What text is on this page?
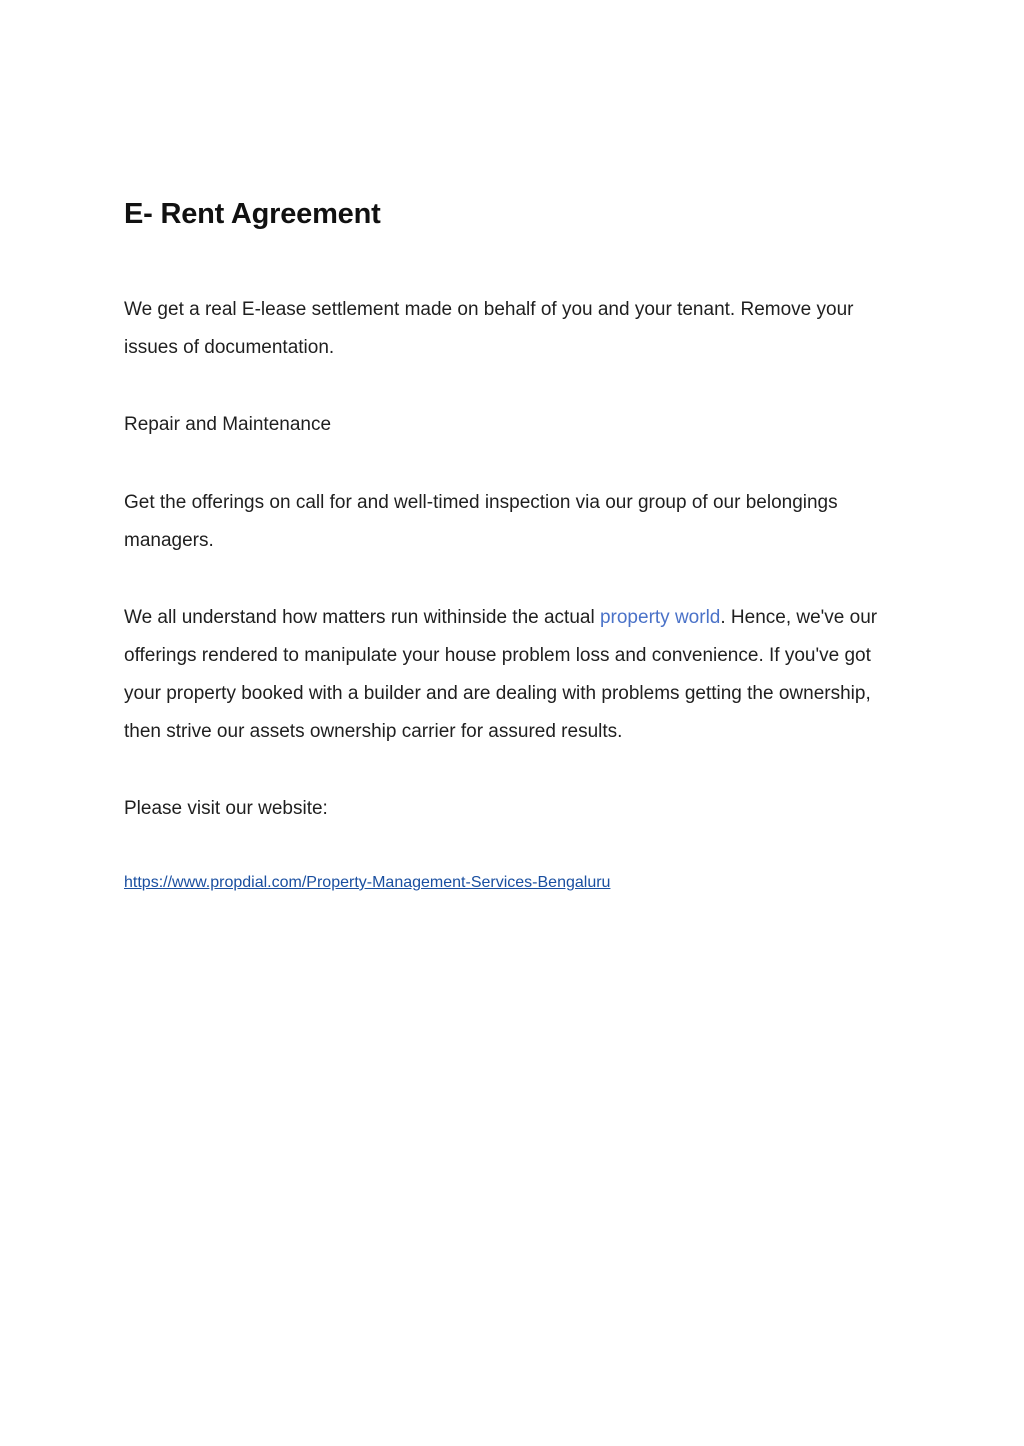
E- Rent Agreement

We get a real E-lease settlement made on behalf of you and your tenant. Remove your issues of documentation.

Repair and Maintenance

Get the offerings on call for and well-timed inspection via our group of our belongings managers.

We all understand how matters run withinside the actual property world. Hence, we've our offerings rendered to manipulate your house problem loss and convenience. If you've got your property booked with a builder and are dealing with problems getting the ownership, then strive our assets ownership carrier for assured results.

Please visit our website:

https://www.propdial.com/Property-Management-Services-Bengaluru
